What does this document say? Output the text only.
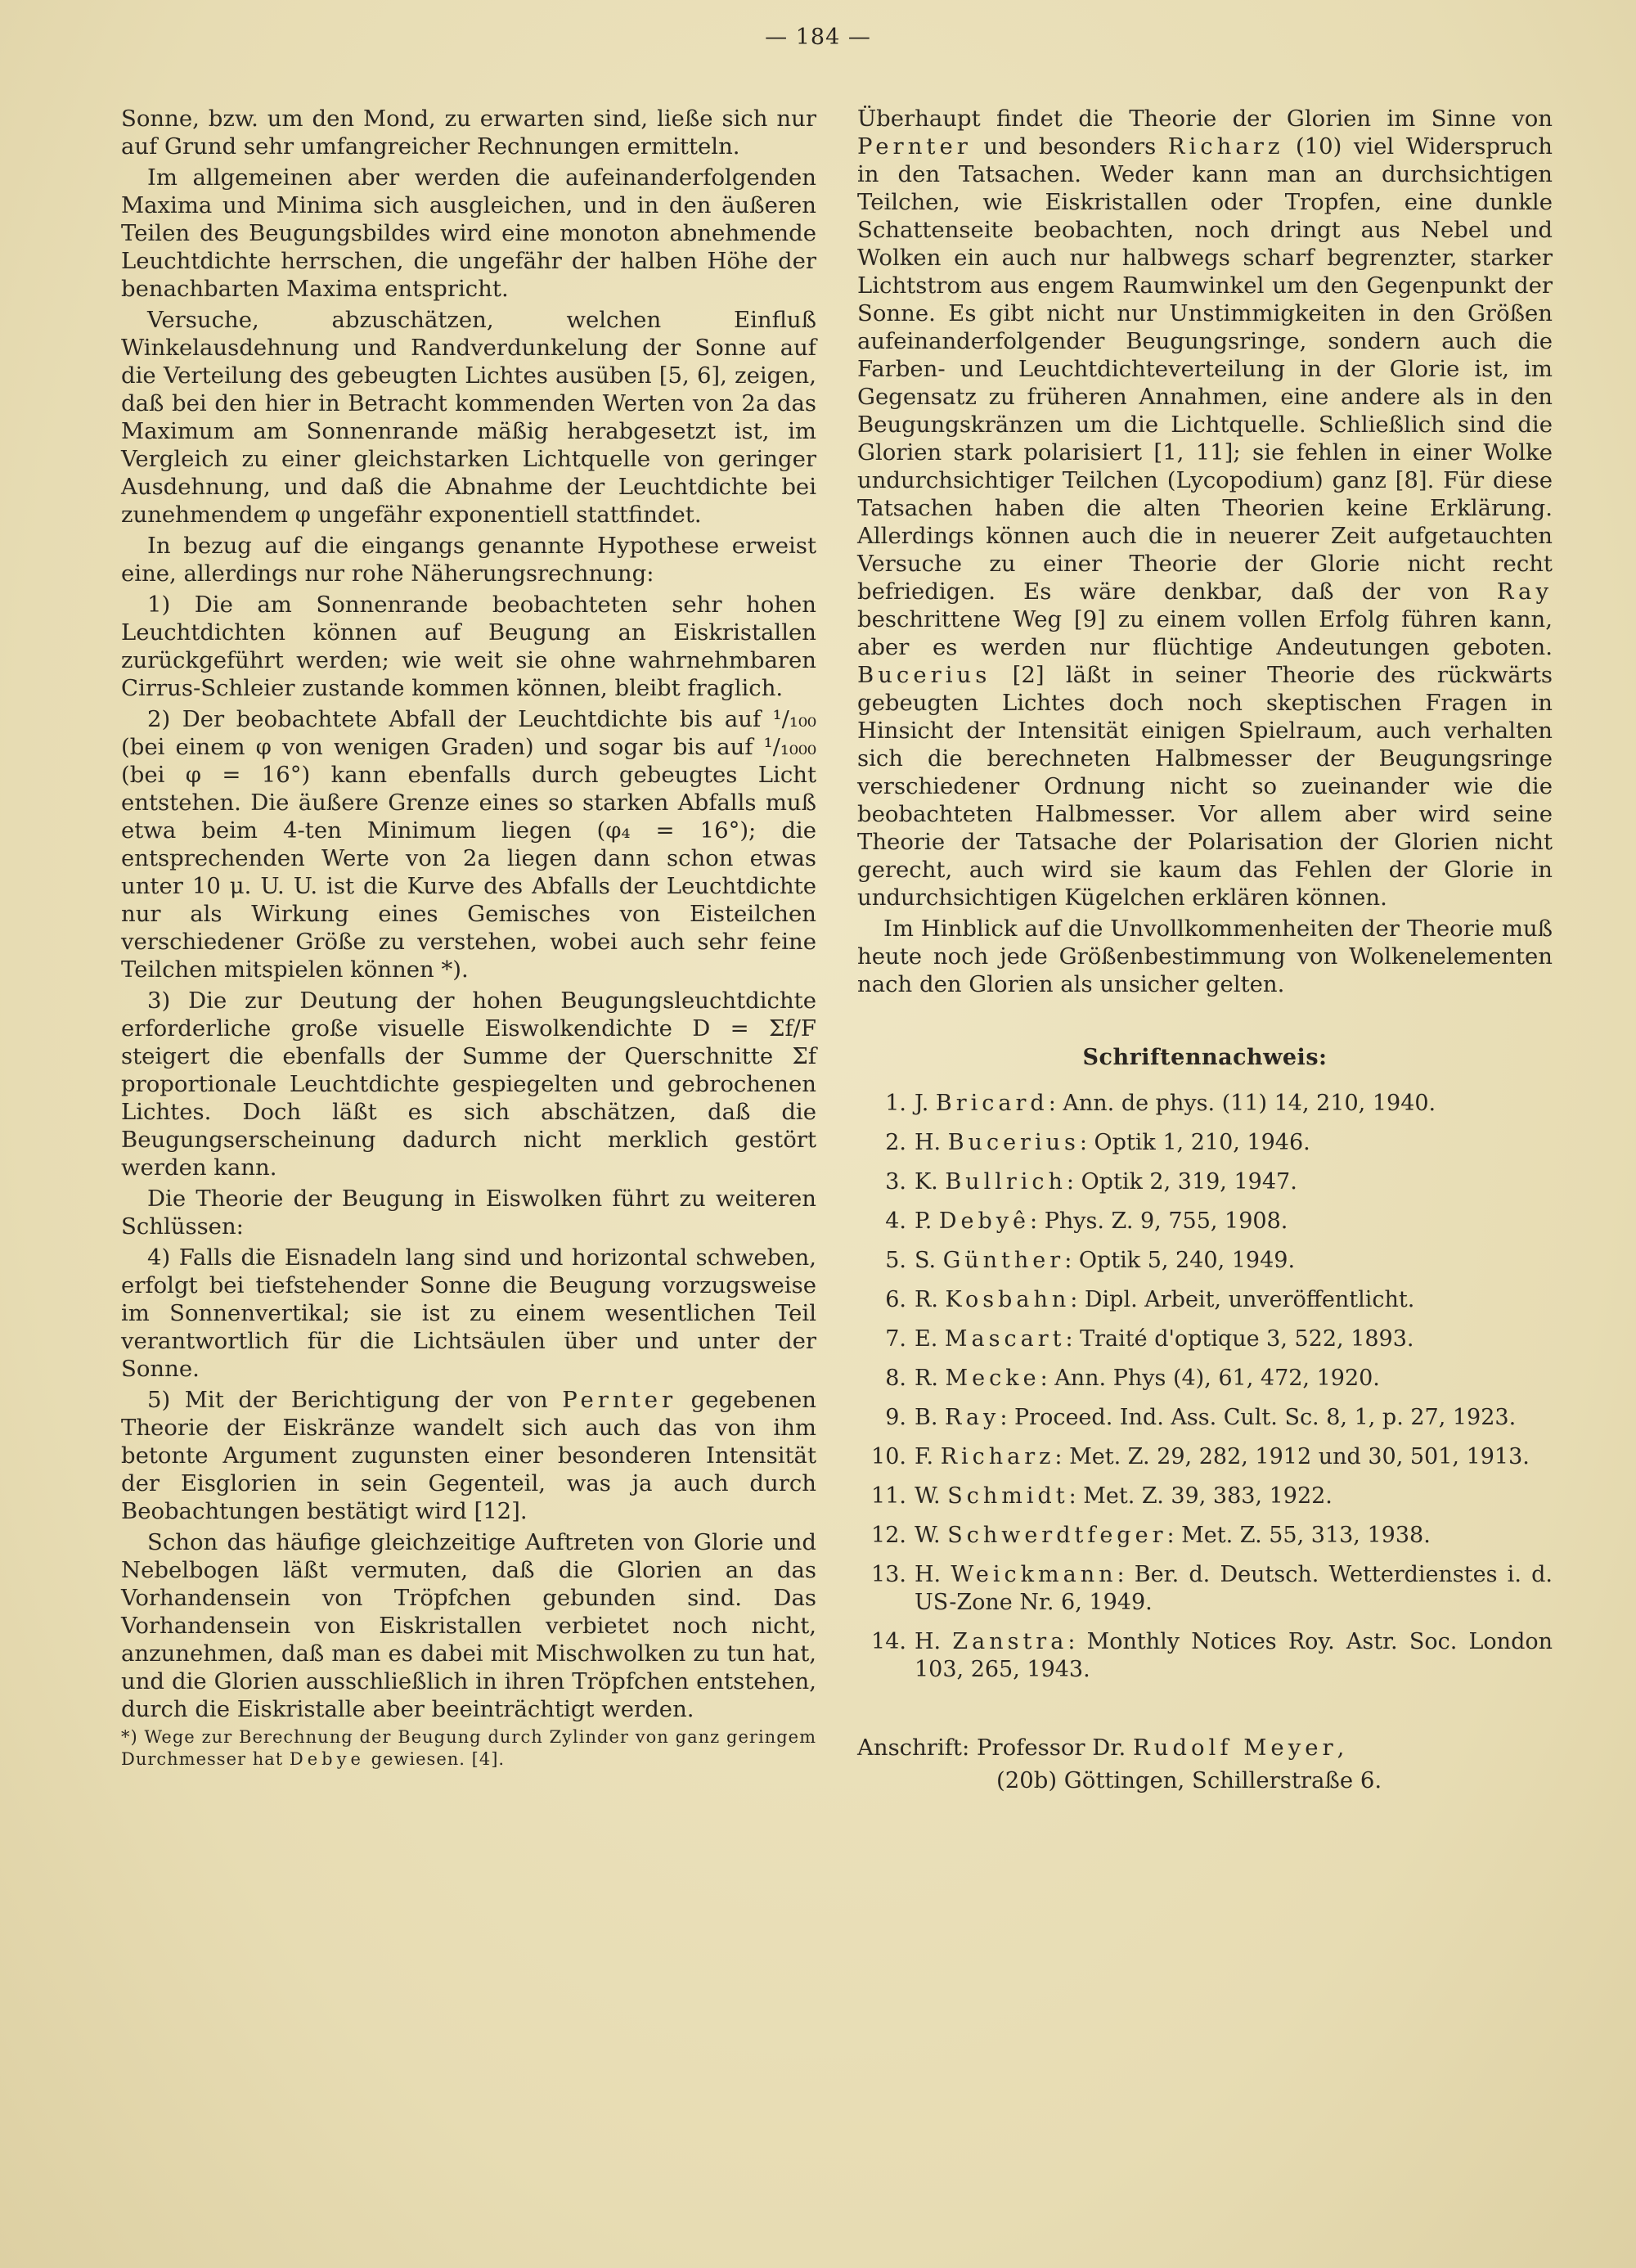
— 184 —

Sonne, bzw. um den Mond, zu erwarten sind, ließe sich nur auf Grund sehr umfangreicher Rechnungen ermitteln.

Im allgemeinen aber werden die aufeinanderfolgenden Maxima und Minima sich ausgleichen, und in den äußeren Teilen des Beugungsbildes wird eine monoton abnehmende Leuchtdichte herrschen, die ungefähr der halben Höhe der benachbarten Maxima entspricht.

Versuche, abzuschätzen, welchen Einfluß Winkelausdehnung und Randverdunkelung der Sonne auf die Verteilung des gebeugten Lichtes ausüben [5, 6], zeigen, daß bei den hier in Betracht kommenden Werten von 2a das Maximum am Sonnenrande mäßig herabgesetzt ist, im Vergleich zu einer gleichstarken Lichtquelle von geringer Ausdehnung, und daß die Abnahme der Leuchtdichte bei zunehmendem φ ungefähr exponentiell stattfindet.

In bezug auf die eingangs genannte Hypothese erweist eine, allerdings nur rohe Näherungsrechnung:

1) Die am Sonnenrande beobachteten sehr hohen Leuchtdichten können auf Beugung an Eiskristallen zurückgeführt werden; wie weit sie ohne wahrnehmbaren Cirrus-Schleier zustande kommen können, bleibt fraglich.

2) Der beobachtete Abfall der Leuchtdichte bis auf ¹/₁₀₀ (bei einem φ von wenigen Graden) und sogar bis auf ¹/₁₀₀₀ (bei φ = 16°) kann ebenfalls durch gebeugtes Licht entstehen. Die äußere Grenze eines so starken Abfalls muß etwa beim 4-ten Minimum liegen (φ₄ = 16°); die entsprechenden Werte von 2a liegen dann schon etwas unter 10 μ. U. U. ist die Kurve des Abfalls der Leuchtdichte nur als Wirkung eines Gemisches von Eisteilchen verschiedener Größe zu verstehen, wobei auch sehr feine Teilchen mitspielen können *).

3) Die zur Deutung der hohen Beugungsleuchtdichte erforderliche große visuelle Eiswolkendichte D = Σf/F steigert die ebenfalls der Summe der Querschnitte Σf proportionale Leuchtdichte gespiegelten und gebrochenen Lichtes. Doch läßt es sich abschätzen, daß die Beugungserscheinung dadurch nicht merklich gestört werden kann.

Die Theorie der Beugung in Eiswolken führt zu weiteren Schlüssen:

4) Falls die Eisnadeln lang sind und horizontal schweben, erfolgt bei tiefstehender Sonne die Beugung vorzugsweise im Sonnenvertikal; sie ist zu einem wesentlichen Teil verantwortlich für die Lichtsäulen über und unter der Sonne.

5) Mit der Berichtigung der von Pernter gegebenen Theorie der Eiskränze wandelt sich auch das von ihm betonte Argument zugunsten einer besonderen Intensität der Eisglorien in sein Gegenteil, was ja auch durch Beobachtungen bestätigt wird [12].

Schon das häufige gleichzeitige Auftreten von Glorie und Nebelbogen läßt vermuten, daß die Glorien an das Vorhandensein von Tröpfchen gebunden sind. Das Vorhandensein von Eiskristallen verbietet noch nicht, anzunehmen, daß man es dabei mit Mischwolken zu tun hat, und die Glorien ausschließlich in ihren Tröpfchen entstehen, durch die Eiskristalle aber beeinträchtigt werden.

*) Wege zur Berechnung der Beugung durch Zylinder von ganz geringem Durchmesser hat Debye gewiesen. [4].

Überhaupt findet die Theorie der Glorien im Sinne von Pernter und besonders Richarz (10) viel Widerspruch in den Tatsachen. Weder kann man an durchsichtigen Teilchen, wie Eiskristallen oder Tropfen, eine dunkle Schattenseite beobachten, noch dringt aus Nebel und Wolken ein auch nur halbwegs scharf begrenzter, starker Lichtstrom aus engem Raumwinkel um den Gegenpunkt der Sonne. Es gibt nicht nur Unstimmigkeiten in den Größen aufeinanderfolgender Beugungsringe, sondern auch die Farben- und Leuchtdichteverteilung in der Glorie ist, im Gegensatz zu früheren Annahmen, eine andere als in den Beugungskränzen um die Lichtquelle. Schließlich sind die Glorien stark polarisiert [1, 11]; sie fehlen in einer Wolke undurchsichtiger Teilchen (Lycopodium) ganz [8]. Für diese Tatsachen haben die alten Theorien keine Erklärung. Allerdings können auch die in neuerer Zeit aufgetauchten Versuche zu einer Theorie der Glorie nicht recht befriedigen. Es wäre denkbar, daß der von Ray beschrittene Weg [9] zu einem vollen Erfolg führen kann, aber es werden nur flüchtige Andeutungen geboten. Bucerius [2] läßt in seiner Theorie des rückwärts gebeugten Lichtes doch noch skeptischen Fragen in Hinsicht der Intensität einigen Spielraum, auch verhalten sich die berechneten Halbmesser der Beugungsringe verschiedener Ordnung nicht so zueinander wie die beobachteten Halbmesser. Vor allem aber wird seine Theorie der Tatsache der Polarisation der Glorien nicht gerecht, auch wird sie kaum das Fehlen der Glorie in undurchsichtigen Kügelchen erklären können.

Im Hinblick auf die Unvollkommenheiten der Theorie muß heute noch jede Größenbestimmung von Wolkenelementen nach den Glorien als unsicher gelten.

Schriftennachweis:
1. J. Bricard: Ann. de phys. (11) 14, 210, 1940.
2. H. Bucerius: Optik 1, 210, 1946.
3. K. Bullrich: Optik 2, 319, 1947.
4. P. Debyê: Phys. Z. 9, 755, 1908.
5. S. Günther: Optik 5, 240, 1949.
6. R. Kosbahn: Dipl. Arbeit, unveröffentlicht.
7. E. Mascart: Traité d'optique 3, 522, 1893.
8. R. Mecke: Ann. Phys (4), 61, 472, 1920.
9. B. Ray: Proceed. Ind. Ass. Cult. Sc. 8, 1, p. 27, 1923.
10. F. Richarz: Met. Z. 29, 282, 1912 und 30, 501, 1913.
11. W. Schmidt: Met. Z. 39, 383, 1922.
12. W. Schwerdtfeger: Met. Z. 55, 313, 1938.
13. H. Weickmann: Ber. d. Deutsch. Wetterdienstes i. d. US-Zone Nr. 6, 1949.
14. H. Zanstra: Monthly Notices Roy. Astr. Soc. London 103, 265, 1943.
Anschrift: Professor Dr. Rudolf Meyer,
(20b) Göttingen, Schillerstraße 6.
